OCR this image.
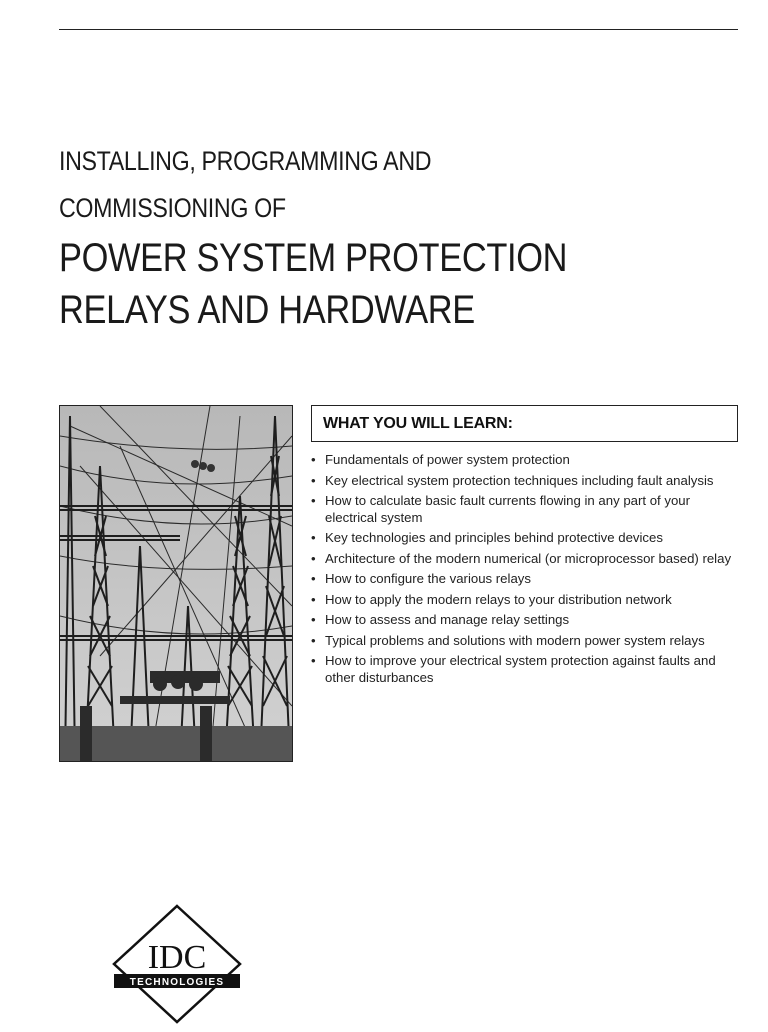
INSTALLING, PROGRAMMING AND
COMMISSIONING OF
POWER SYSTEM PROTECTION
RELAYS AND HARDWARE
WHAT YOU WILL LEARN:
• Fundamentals of power system protection
• Key electrical system protection techniques including fault analysis
• How to calculate basic fault currents flowing in any part of your electrical system
• Key technologies and principles behind protective devices
• Architecture of the modern numerical (or microprocessor based) relay
• How to configure the various relays
• How to apply the modern relays to your distribution network
• How to assess and manage relay settings
• Typical problems and solutions with modern power system relays
• How to improve your electrical system protection against faults and other disturbances
IDC
TECHNOLOGIES
